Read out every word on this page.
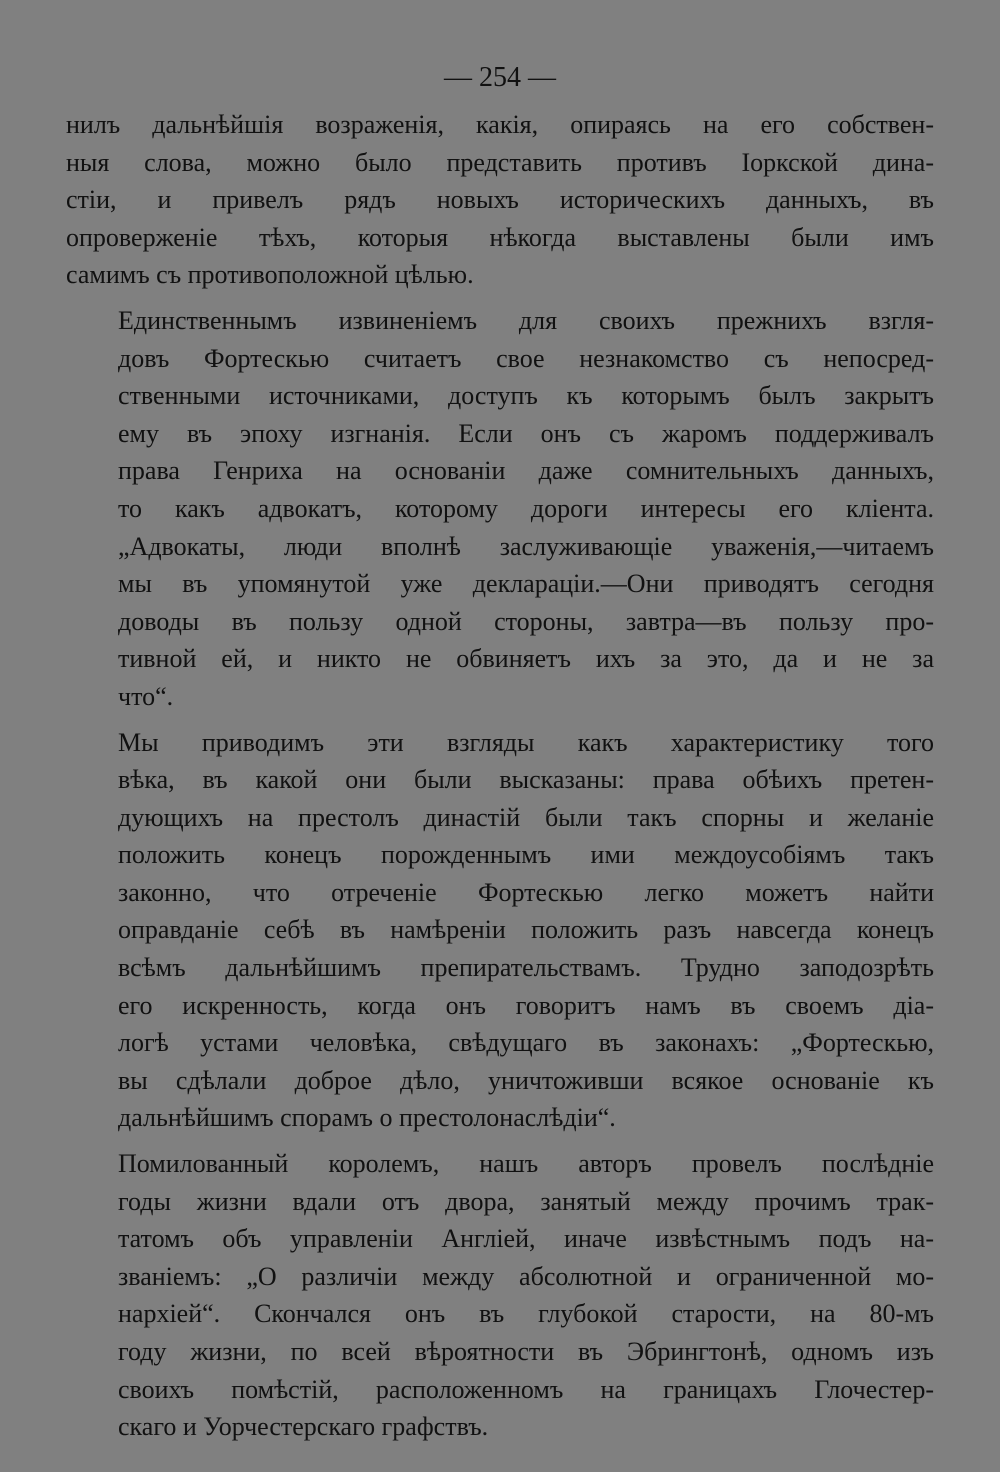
— 254 —

нилъ дальнѣйшія возраженія, какія, опираясь на его собствен-
ныя слова, можно было представить противъ Іоркской дина-
стіи, и привелъ рядъ новыхъ историческихъ данныхъ, въ
опроверженіе тѣхъ, которыя нѣкогда выставлены были имъ
самимъ съ противоположной цѣлью.

Единственнымъ извиненіемъ для своихъ прежнихъ взгля-
довъ Фортескью считаетъ свое незнакомство съ непосред-
ственными источниками, доступъ къ которымъ былъ закрытъ
ему въ эпоху изгнанія. Если онъ съ жаромъ поддерживалъ
права Генриха на основаніи даже сомнительныхъ данныхъ,
то какъ адвокатъ, которому дороги интересы его кліента.
„Адвокаты, люди вполнѣ заслуживающіе уваженія,—читаемъ
мы въ упомянутой уже деклараціи.—Они приводятъ сегодня
доводы въ пользу одной стороны, завтра—въ пользу про-
тивной ей, и никто не обвиняетъ ихъ за это, да и не за
что“.

Мы приводимъ эти взгляды какъ характеристику того
вѣка, въ какой они были высказаны: права обѣихъ претен-
дующихъ на престолъ династій были такъ спорны и желаніе
положить конецъ порожденнымъ ими междоусобіямъ такъ
законно, что отреченіе Фортескью легко можетъ найти
оправданіе себѣ въ намѣреніи положить разъ навсегда конецъ
всѣмъ дальнѣйшимъ препирательствамъ. Трудно заподозрѣть
его искренность, когда онъ говоритъ намъ въ своемъ діа-
логѣ устами человѣка, свѣдущаго въ законахъ: „Фортескью,
вы сдѣлали доброе дѣло, уничтоживши всякое основаніе къ
дальнѣйшимъ спорамъ о престолонаслѣдіи“.

Помилованный королемъ, нашъ авторъ провелъ послѣдніе
годы жизни вдали отъ двора, занятый между прочимъ трак-
татомъ объ управленіи Англіей, иначе извѣстнымъ подъ на-
званіемъ: „О различіи между абсолютной и ограниченной мо-
нархіей“. Скончался онъ въ глубокой старости, на 80-мъ
году жизни, по всей вѣроятности въ Эбрингтонѣ, одномъ изъ
своихъ помѣстій, расположенномъ на границахъ Глочестер-
скаго и Уорчестерскаго графствъ.
